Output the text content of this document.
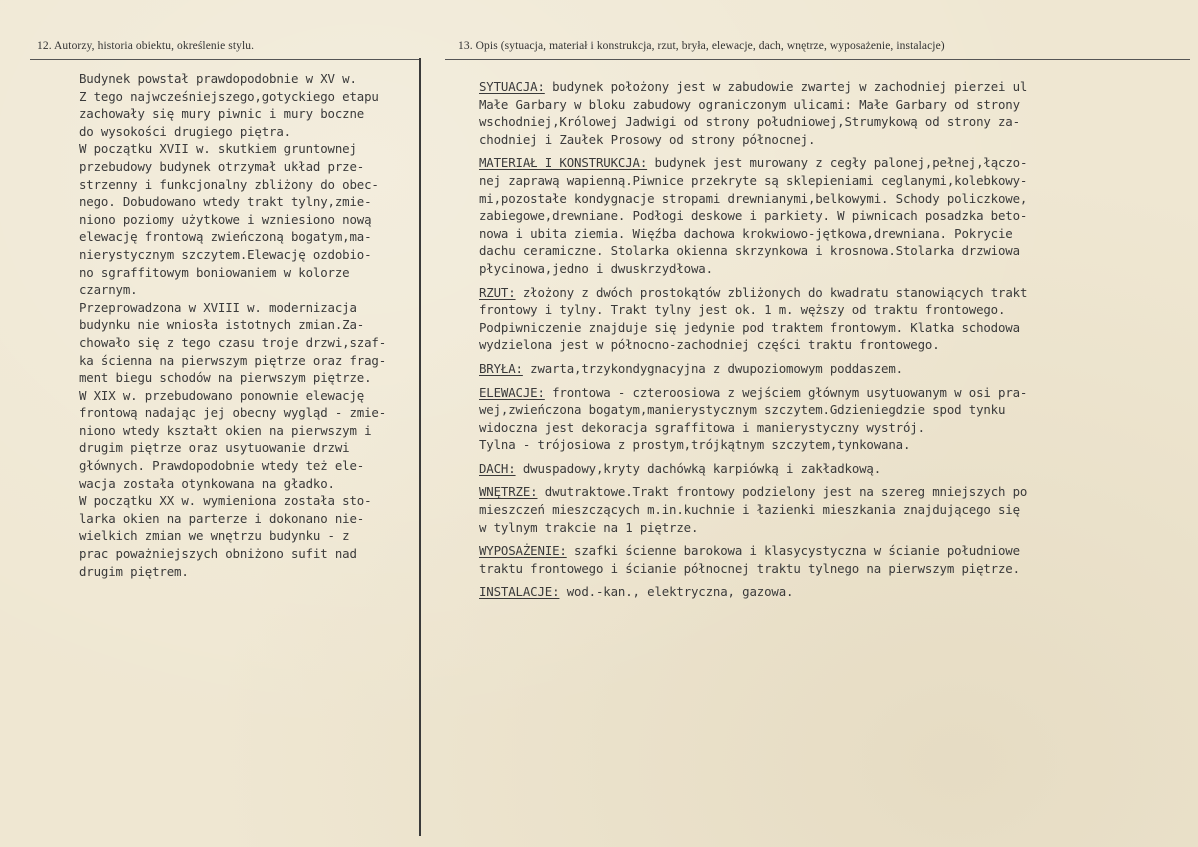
12. Autorzy, historia obiektu, określenie stylu.	13. Opis (sytuacja, materiał i konstrukcja, rzut, bryła, elewacje, dach, wnętrze, wyposażenie, instalacje)
Budynek powstał prawdopodobnie w XV w.
Z tego najwcześniejszego,gotyckiego etapu
zachowały się mury piwnic i mury boczne
do wysokości drugiego piętra.
W początku XVII w. skutkiem gruntownej
przebudowy budynek otrzymał układ prze-
strzenny i funkcjonalny zbliżony do obec-
nego. Dobudowano wtedy trakt tylny,zmie-
niono poziomy użytkowe i wzniesiono nową
elewację frontową zwieńczoną bogatym,ma-
nierystycznym szczytem.Elewację ozdobio-
no sgraffitowym boniowaniem w kolorze
czarnym.
Przeprowadzona w XVIII w. modernizacja
budynku nie wniosła istotnych zmian.Za-
chowało się z tego czasu troje drzwi,szaf-
ka ścienna na pierwszym piętrze oraz frag-
ment biegu schodów na pierwszym piętrze.
W XIX w. przebudowano ponownie elewację
frontową nadając jej obecny wygląd - zmie-
niono wtedy kształt okien na pierwszym i
drugim piętrze oraz usytuowanie drzwi
głównych. Prawdopodobnie wtedy też ele-
wacja została otynkowana na gładko.
W początku XX w. wymieniona została sto-
larka okien na parterze i dokonano nie-
wielkich zmian we wnętrzu budynku - z
prac poważniejszych obniżono sufit nad
drugim piętrem.
SYTUACJA: budynek położony jest w zabudowie zwartej w zachodniej pierzei ul
Małe Garbary w bloku zabudowy ograniczonym ulicami: Małe Garbary od strony
wschodniej,Królowej Jadwigi od strony południowej,Strumykową od strony za-
chodniej i Zaułek Prosowy od strony północnej.
MATERIAŁ I KONSTRUKCJA: budynek jest murowany z cegły palonej,pełnej,łączo-
nej zaprawą wapienną.Piwnice przekryte są sklepieniami ceglanymi,kolebkowy-
mi,pozostałe kondygnacje stropami drewnianymi,belkowymi. Schody policzkowe,
zabiegowe,drewniane. Podłogi deskowe i parkiety. W piwnicach posadzka beto-
nowa i ubita ziemia. Więźba dachowa krokwiowo-jętkowa,drewniana. Pokrycie
dachu ceramiczne. Stolarka okienna skrzynkowa i krosnowa.Stolarka drzwiowa
płycinowa,jedno i dwuskrzydłowa.
RZUT: złożony z dwóch prostokątów zbliżonych do kwadratu stanowiących trakt
frontowy i tylny. Trakt tylny jest ok. 1 m. węższy od traktu frontowego.
Podpiwniczenie znajduje się jedynie pod traktem frontowym. Klatka schodowa
wydzielona jest w północno-zachodniej części traktu frontowego.
BRYŁA: zwarta,trzykondygnacyjna z dwupoziomowym poddaszem.
ELEWACJE: frontowa - czteroosiowa z wejściem głównym usytuowanym w osi pra-
wej,zwieńczona bogatym,manierystycznym szczytem.Gdzieniegdzie spod tynku
widoczna jest dekoracja sgraffitowa i manierystyczny wystrój.
Tylna - trójosiowa z prostym,trójkątnym szczytem,tynkowana.
DACH: dwuspadowy,kryty dachówką karpiówką i zakładkową.
WNĘTRZE: dwutraktowe.Trakt frontowy podzielony jest na szereg mniejszych po
mieszczeń mieszczących m.in.kuchnie i łazienki mieszkania znajdującego się
w tylnym trakcie na 1 piętrze.
WYPOSAŻENIE: szafki ścienne barokowa i klasycystyczna w ścianie południowe
traktu frontowego i ścianie północnej traktu tylnego na pierwszym piętrze.
INSTALACJE: wod.-kan., elektryczna, gazowa.
